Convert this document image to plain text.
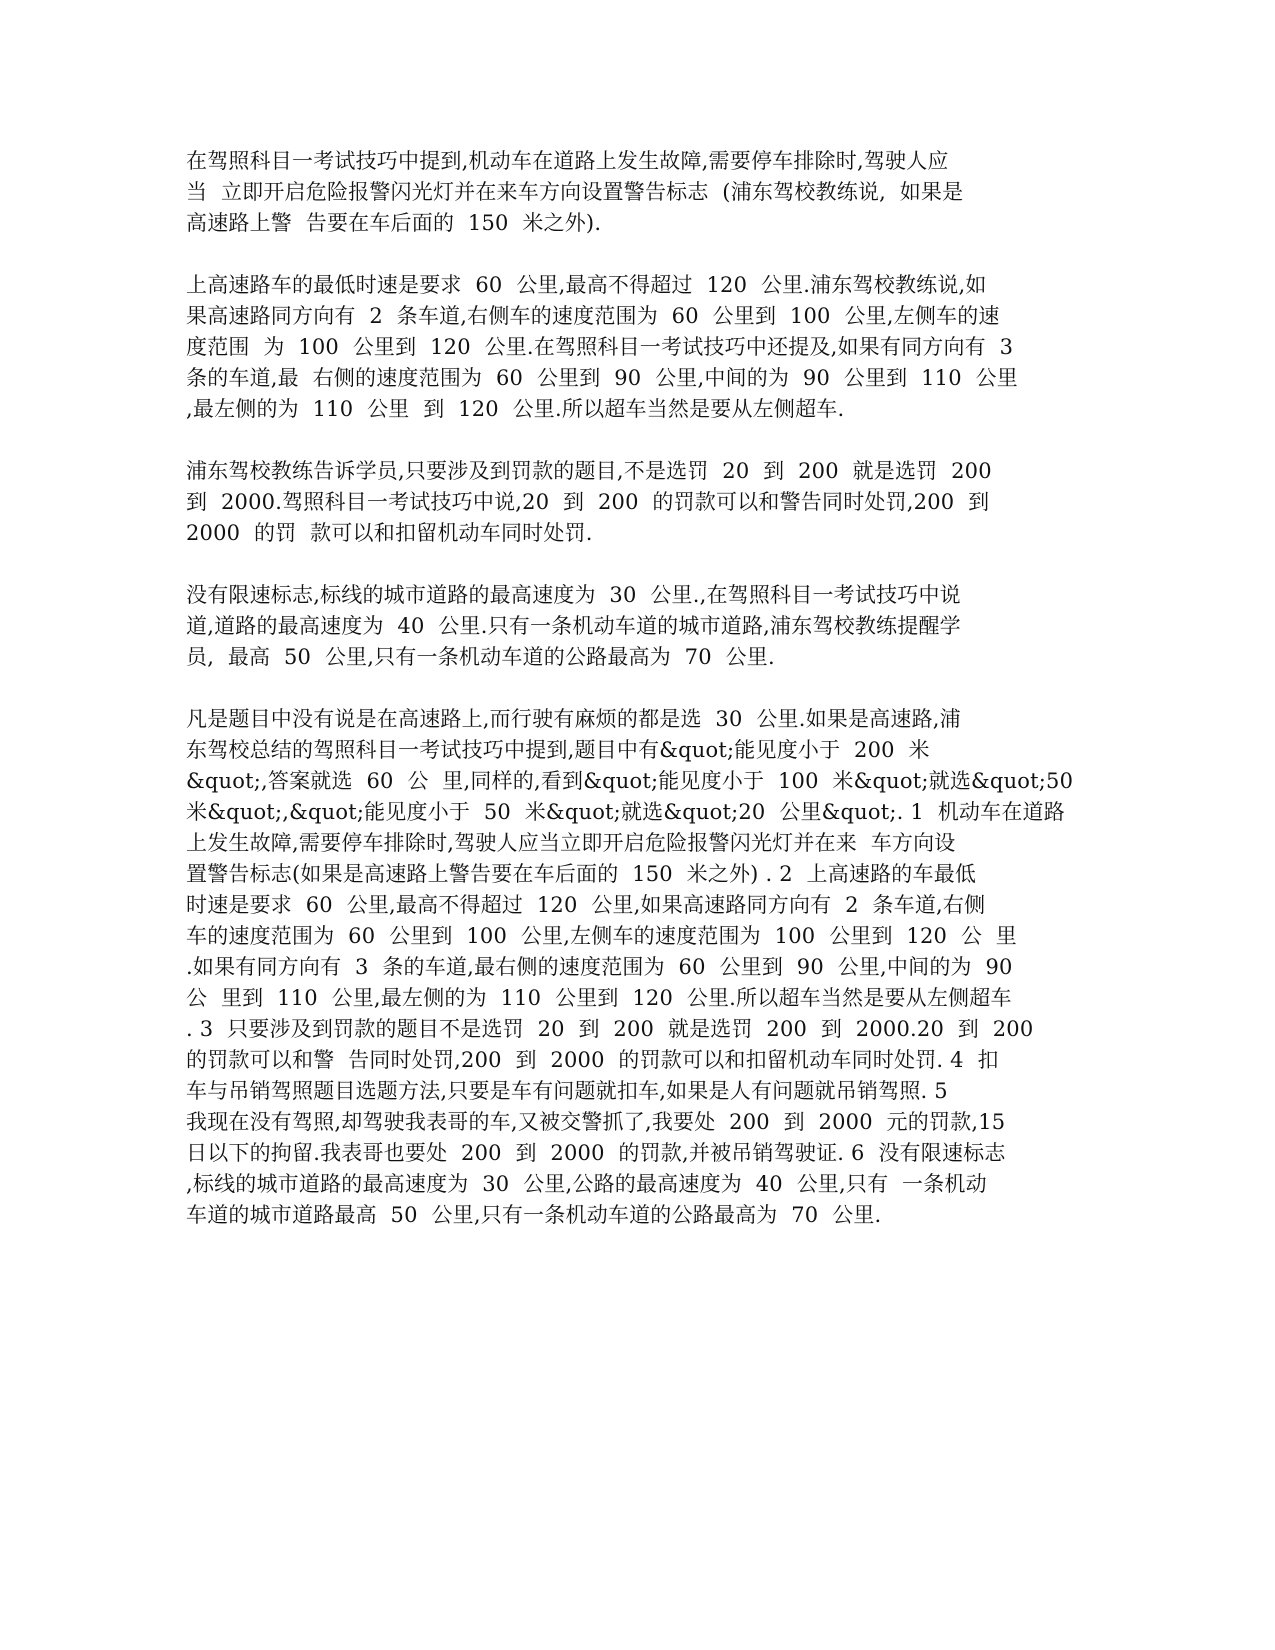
在驾照科目一考试技巧中提到,机动车在道路上发生故障,需要停车排除时,驾驶人应
当  立即开启危险报警闪光灯并在来车方向设置警告标志  (浦东驾校教练说,  如果是
高速路上警  告要在车后面的  150  米之外).
上高速路车的最低时速是要求  60  公里,最高不得超过  120  公里.浦东驾校教练说,如
果高速路同方向有  2  条车道,右侧车的速度范围为  60  公里到  100  公里,左侧车的速
度范围  为  100  公里到  120  公里.在驾照科目一考试技巧中还提及,如果有同方向有  3
条的车道,最  右侧的速度范围为  60  公里到  90  公里,中间的为  90  公里到  110  公里
,最左侧的为  110  公里  到  120  公里.所以超车当然是要从左侧超车.
浦东驾校教练告诉学员,只要涉及到罚款的题目,不是选罚  20  到  200  就是选罚  200
到  2000.驾照科目一考试技巧中说,20  到  200  的罚款可以和警告同时处罚,200  到
2000  的罚  款可以和扣留机动车同时处罚.
没有限速标志,标线的城市道路的最高速度为  30  公里.,在驾照科目一考试技巧中说
道,道路的最高速度为  40  公里.只有一条机动车道的城市道路,浦东驾校教练提醒学
员,  最高  50  公里,只有一条机动车道的公路最高为  70  公里.
凡是题目中没有说是在高速路上,而行驶有麻烦的都是选  30  公里.如果是高速路,浦
东驾校总结的驾照科目一考试技巧中提到,题目中有&quot;能见度小于  200  米
&quot;,答案就选  60  公  里,同样的,看到&quot;能见度小于  100  米&quot;就选&quot;50
米&quot;,&quot;能见度小于  50  米&quot;就选&quot;20  公里&quot;. 1  机动车在道路
上发生故障,需要停车排除时,驾驶人应当立即开启危险报警闪光灯并在来  车方向设
置警告标志(如果是高速路上警告要在车后面的  150  米之外) . 2  上高速路的车最低
时速是要求  60  公里,最高不得超过  120  公里,如果高速路同方向有  2  条车道,右侧
车的速度范围为  60  公里到  100  公里,左侧车的速度范围为  100  公里到  120  公  里
.如果有同方向有  3  条的车道,最右侧的速度范围为  60  公里到  90  公里,中间的为  90
公  里到  110  公里,最左侧的为  110  公里到  120  公里.所以超车当然是要从左侧超车
. 3  只要涉及到罚款的题目不是选罚  20  到  200  就是选罚  200  到  2000.20  到  200
的罚款可以和警  告同时处罚,200  到  2000  的罚款可以和扣留机动车同时处罚. 4  扣
车与吊销驾照题目选题方法,只要是车有问题就扣车,如果是人有问题就吊销驾照. 5
我现在没有驾照,却驾驶我表哥的车,又被交警抓了,我要处  200  到  2000  元的罚款,15
日以下的拘留.我表哥也要处  200  到  2000  的罚款,并被吊销驾驶证. 6  没有限速标志
,标线的城市道路的最高速度为  30  公里,公路的最高速度为  40  公里,只有  一条机动
车道的城市道路最高  50  公里,只有一条机动车道的公路最高为  70  公里.
